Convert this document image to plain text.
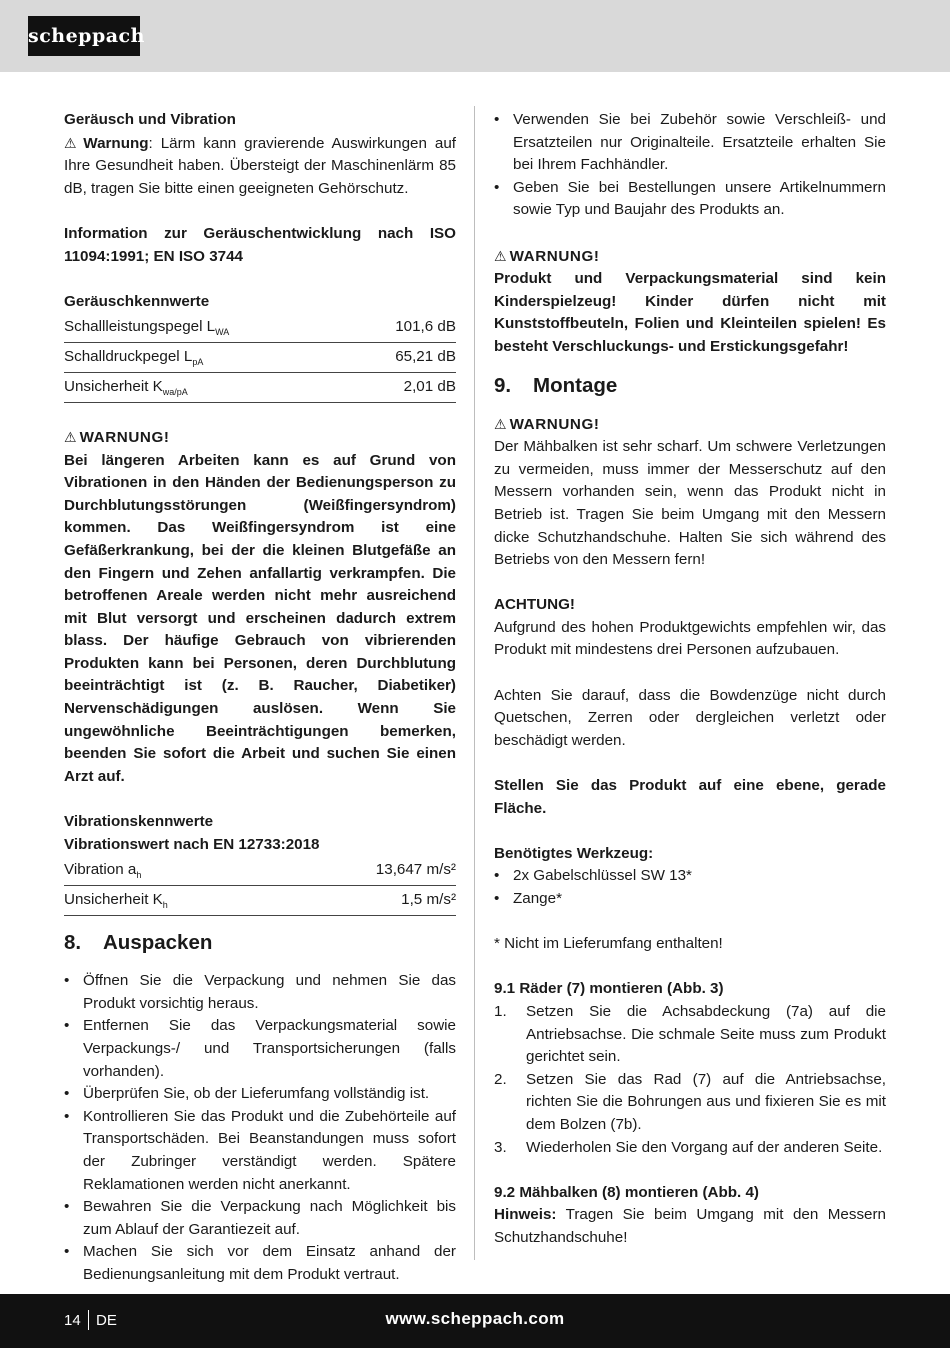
scheppach
Geräusch und Vibration
⚠ Warnung: Lärm kann gravierende Auswirkungen auf Ihre Gesundheit haben. Übersteigt der Maschinenlärm 85 dB, tragen Sie bitte einen geeigneten Gehörschutz.
Information zur Geräuschentwicklung nach ISO 11094:1991; EN ISO 3744
Geräuschkennwerte
Schallleistungspegel $L_{WA}$	101,6 dB
Schalldruckpegel $L_{pA}$	65,21 dB
Unsicherheit $K_{wa/pA}$	2,01 dB
⚠ WARNUNG!
Bei längeren Arbeiten kann es auf Grund von Vibrationen in den Händen der Bedienungsperson zu Durchblutungsstörungen (Weißfingersyndrom) kommen. Das Weißfingersyndrom ist eine Gefäßerkrankung, bei der die kleinen Blutgefäße an den Fingern und Zehen anfallartig verkrampfen. Die betroffenen Areale werden nicht mehr ausreichend mit Blut versorgt und erscheinen dadurch extrem blass. Der häufige Gebrauch von vibrierenden Produkten kann bei Personen, deren Durchblutung beeinträchtigt ist (z. B. Raucher, Diabetiker) Nervenschädigungen auslösen. Wenn Sie ungewöhnliche Beeinträchtigungen bemerken, beenden Sie sofort die Arbeit und suchen Sie einen Arzt auf.
Vibrationskennwerte
Vibrationswert nach EN 12733:2018
Vibration $a_h$	13,647 m/s²
Unsicherheit $K_h$	1,5 m/s²
8.	Auspacken
• Öffnen Sie die Verpackung und nehmen Sie das Produkt vorsichtig heraus.
• Entfernen Sie das Verpackungsmaterial sowie Verpackungs-/ und Transportsicherungen (falls vorhanden).
• Überprüfen Sie, ob der Lieferumfang vollständig ist.
• Kontrollieren Sie das Produkt und die Zubehörteile auf Transportschäden. Bei Beanstandungen muss sofort der Zubringer verständigt werden. Spätere Reklamationen werden nicht anerkannt.
• Bewahren Sie die Verpackung nach Möglichkeit bis zum Ablauf der Garantiezeit auf.
• Machen Sie sich vor dem Einsatz anhand der Bedienungsanleitung mit dem Produkt vertraut.
• Verwenden Sie bei Zubehör sowie Verschleiß- und Ersatzteilen nur Originalteile. Ersatzteile erhalten Sie bei Ihrem Fachhändler.
• Geben Sie bei Bestellungen unsere Artikelnummern sowie Typ und Baujahr des Produkts an.
⚠ WARNUNG!
Produkt und Verpackungsmaterial sind kein Kinderspielzeug! Kinder dürfen nicht mit Kunststoffbeuteln, Folien und Kleinteilen spielen! Es besteht Verschluckungs- und Erstickungsgefahr!
9.	Montage
⚠ WARNUNG!
Der Mähbalken ist sehr scharf. Um schwere Verletzungen zu vermeiden, muss immer der Messerschutz auf den Messern vorhanden sein, wenn das Produkt nicht in Betrieb ist. Tragen Sie beim Umgang mit den Messern dicke Schutzhandschuhe. Halten Sie sich während des Betriebs von den Messern fern!
ACHTUNG!
Aufgrund des hohen Produktgewichts empfehlen wir, das Produkt mit mindestens drei Personen aufzubauen.
Achten Sie darauf, dass die Bowdenzüge nicht durch Quetschen, Zerren oder dergleichen verletzt oder beschädigt werden.
Stellen Sie das Produkt auf eine ebene, gerade Fläche.
Benötigtes Werkzeug:
• 2x Gabelschlüssel SW 13*
• Zange*
* Nicht im Lieferumfang enthalten!
9.1 Räder (7) montieren (Abb. 3)
1. Setzen Sie die Achsabdeckung (7a) auf die Antriebsachse. Die schmale Seite muss zum Produkt gerichtet sein.
2. Setzen Sie das Rad (7) auf die Antriebsachse, richten Sie die Bohrungen aus und fixieren Sie es mit dem Bolzen (7b).
3. Wiederholen Sie den Vorgang auf der anderen Seite.
9.2 Mähbalken (8) montieren (Abb. 4)
Hinweis: Tragen Sie beim Umgang mit den Messern Schutzhandschuhe!
14 DE	www.scheppach.com
